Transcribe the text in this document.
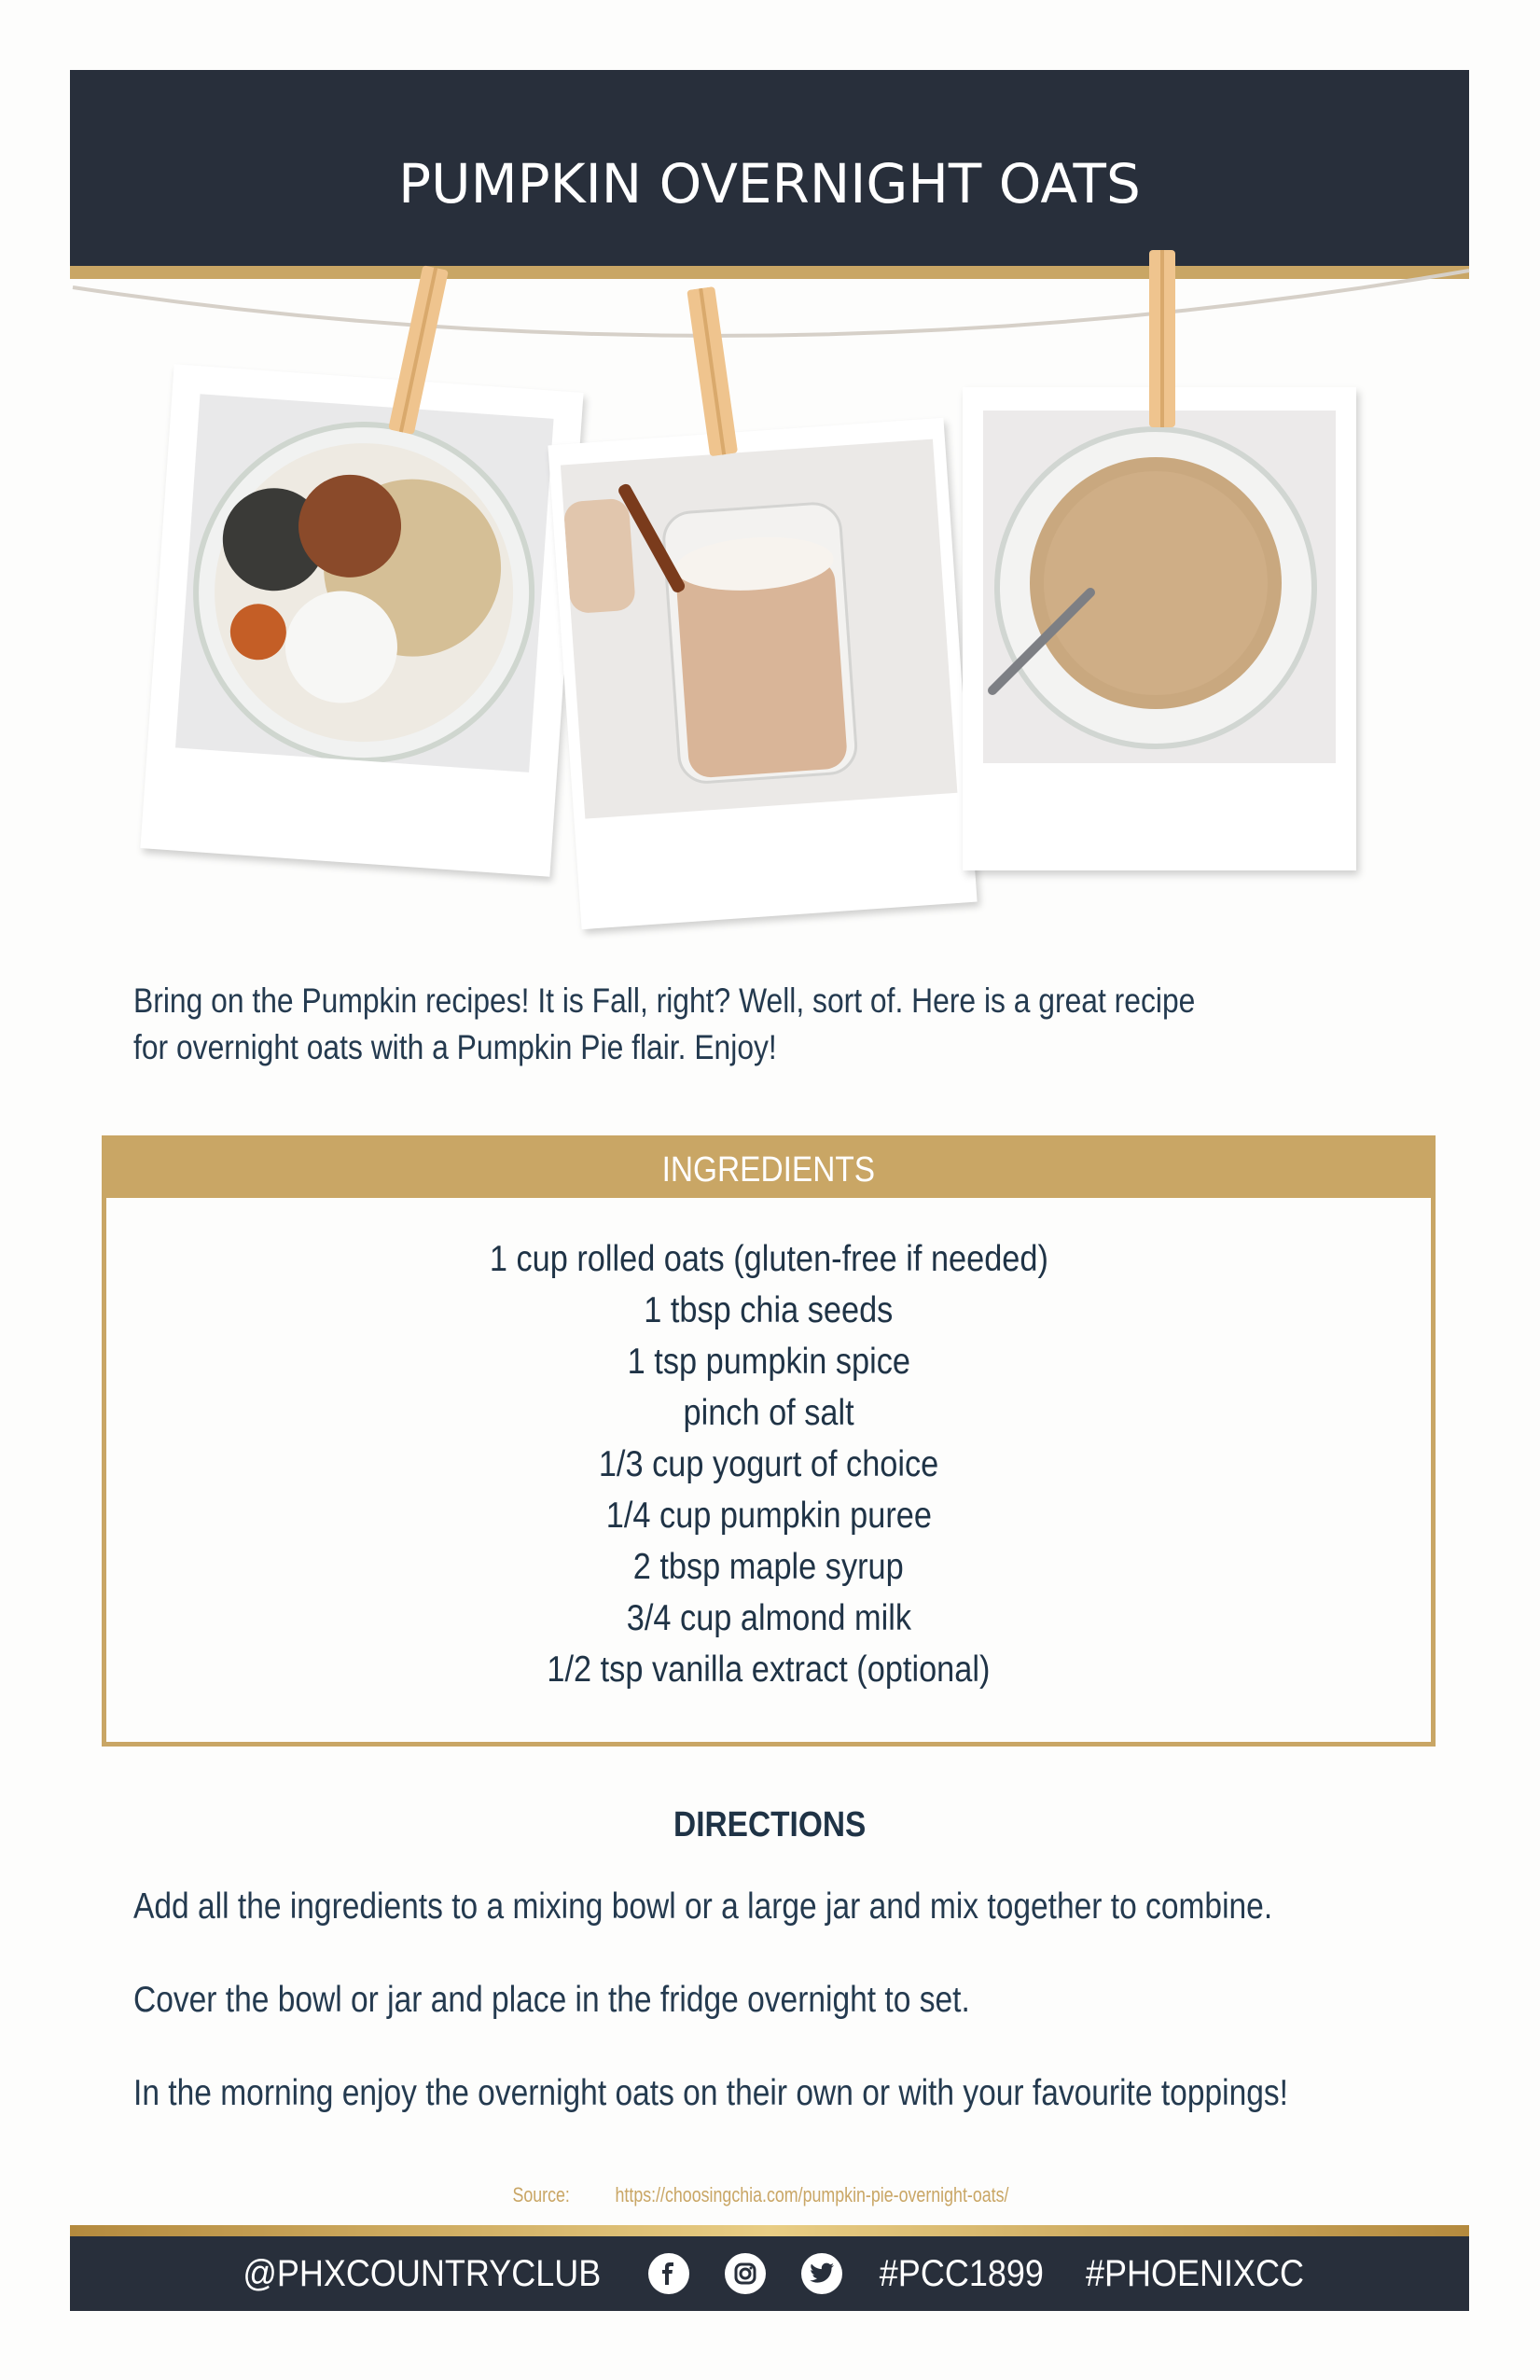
PUMPKIN OVERNIGHT OATS
Bring on the Pumpkin recipes! It is Fall, right? Well, sort of. Here is a great recipe
for overnight oats with a Pumpkin Pie flair. Enjoy!
INGREDIENTS
1 cup rolled oats (gluten-free if needed)
1 tbsp chia seeds
1 tsp pumpkin spice
pinch of salt
1/3 cup yogurt of choice
1/4 cup pumpkin puree
2 tbsp maple syrup
3/4 cup almond milk
1/2 tsp vanilla extract (optional)
DIRECTIONS
Add all the ingredients to a mixing bowl or a large jar and mix together to combine.
Cover the bowl or jar and place in the fridge overnight to set.
In the morning enjoy the overnight oats on their own or with your favourite toppings!
Source: https://choosingchia.com/pumpkin-pie-overnight-oats/
@PHXCOUNTRYCLUB	#PCC1899 #PHOENIXCC
